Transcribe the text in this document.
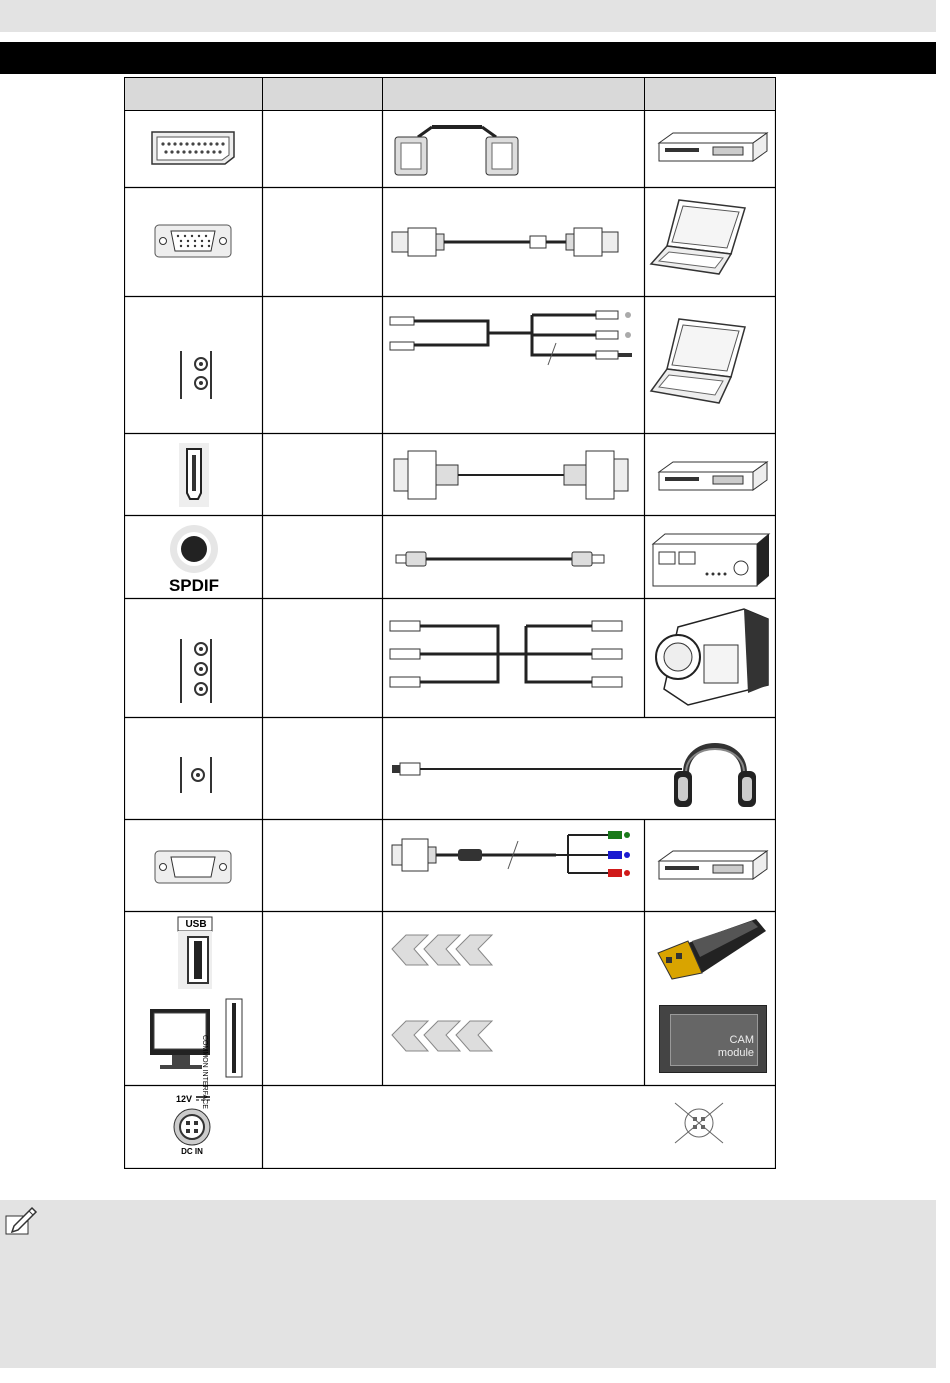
SPDIF
USB
COMMON INTERFACE	CAM
module
12V
DC IN
